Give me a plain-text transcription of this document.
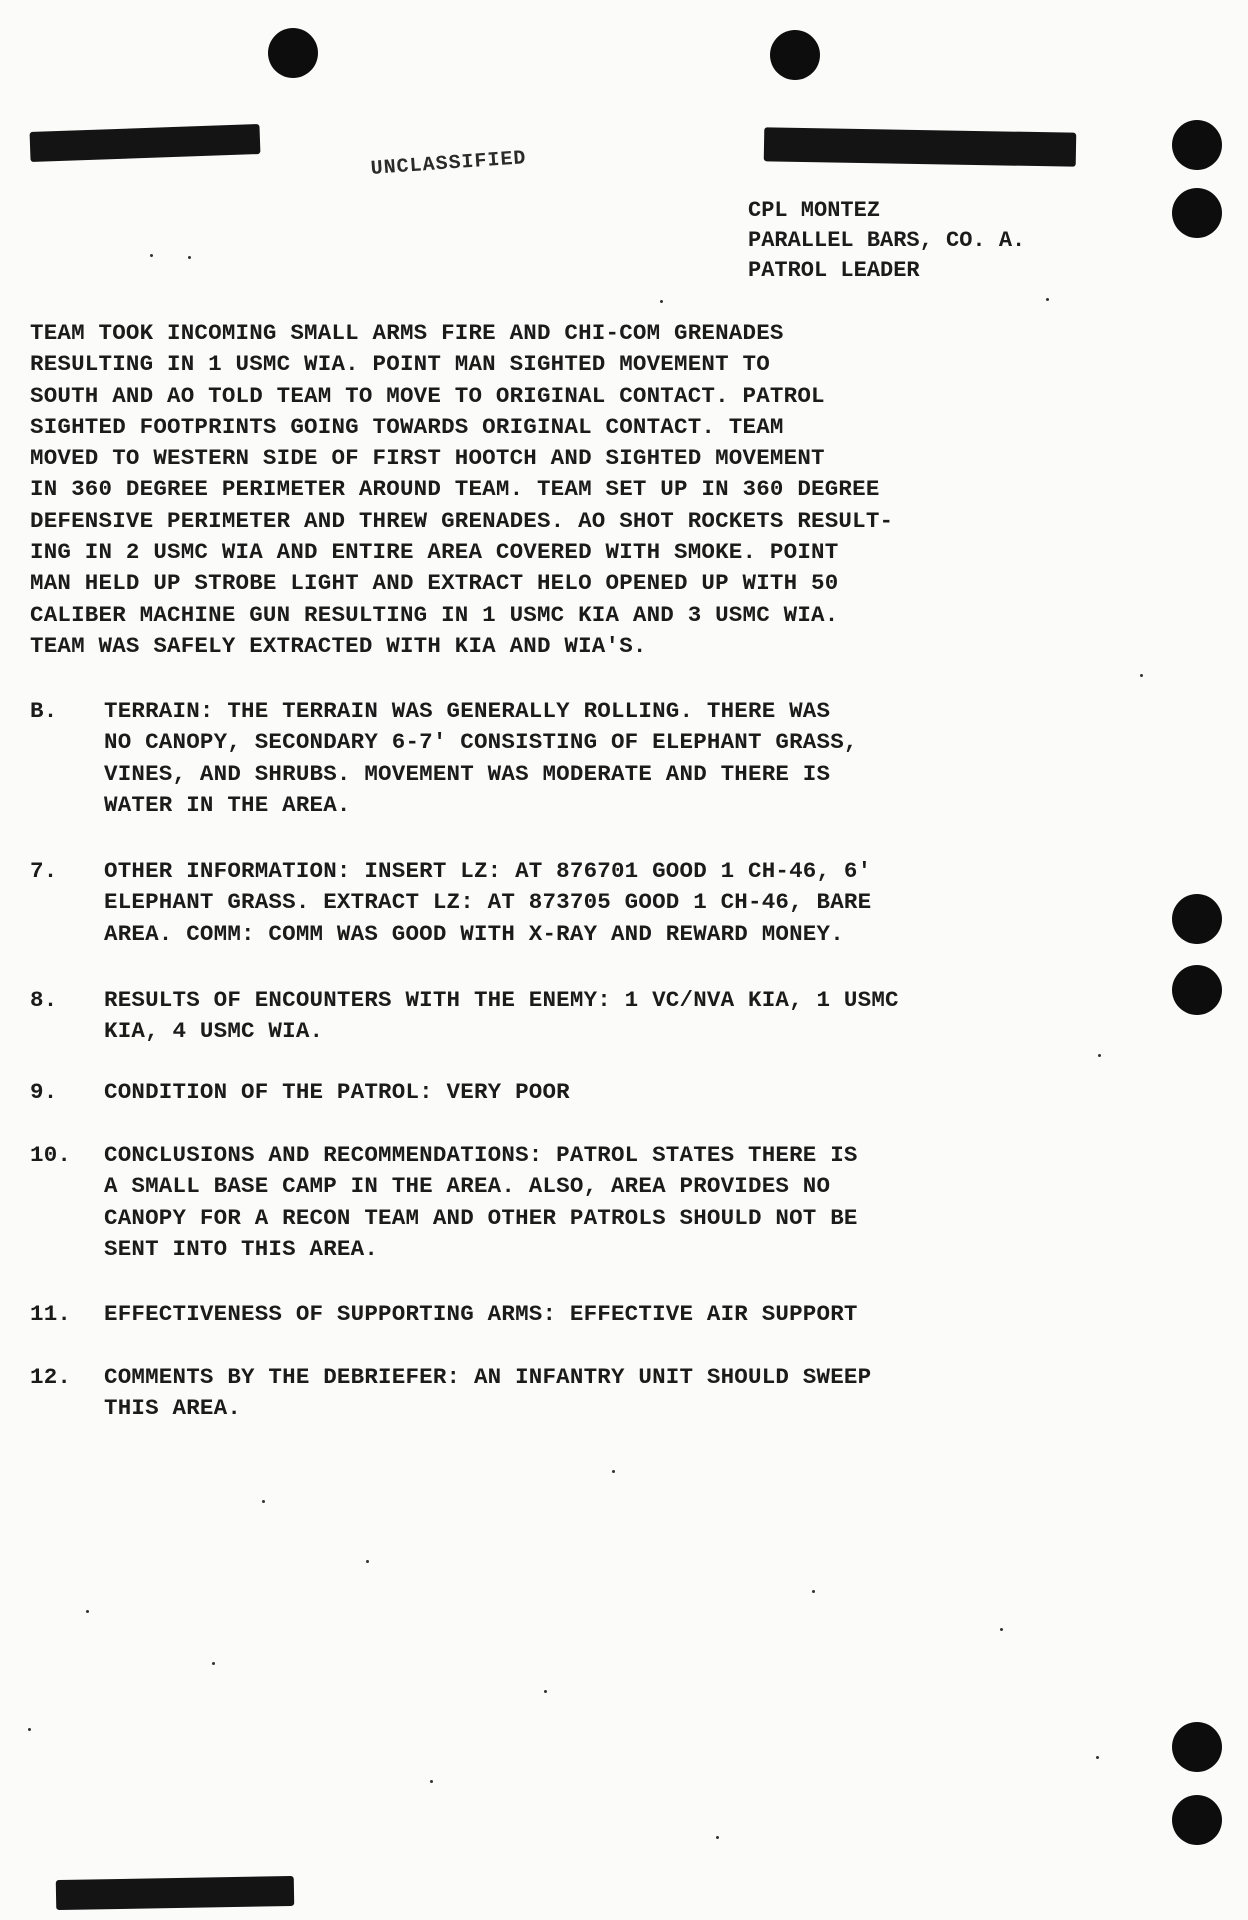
UNCLASSIFIED
CPL MONTEZ
PARALLEL BARS, CO. A.
PATROL LEADER
TEAM TOOK INCOMING SMALL ARMS FIRE AND CHI-COM GRENADES
RESULTING IN 1 USMC WIA. POINT MAN SIGHTED MOVEMENT TO
SOUTH AND AO TOLD TEAM TO MOVE TO ORIGINAL CONTACT. PATROL
SIGHTED FOOTPRINTS GOING TOWARDS ORIGINAL CONTACT. TEAM
MOVED TO WESTERN SIDE OF FIRST HOOTCH AND SIGHTED MOVEMENT
IN 360 DEGREE PERIMETER AROUND TEAM. TEAM SET UP IN 360 DEGREE
DEFENSIVE PERIMETER AND THREW GRENADES. AO SHOT ROCKETS RESULT-
ING IN 2 USMC WIA AND ENTIRE AREA COVERED WITH SMOKE. POINT
MAN HELD UP STROBE LIGHT AND EXTRACT HELO OPENED UP WITH 50
CALIBER MACHINE GUN RESULTING IN 1 USMC KIA AND 3 USMC WIA.
TEAM WAS SAFELY EXTRACTED WITH KIA AND WIA'S.
B. TERRAIN: THE TERRAIN WAS GENERALLY ROLLING. THERE WAS
NO CANOPY, SECONDARY 6-7' CONSISTING OF ELEPHANT GRASS,
VINES, AND SHRUBS. MOVEMENT WAS MODERATE AND THERE IS
WATER IN THE AREA.
7. OTHER INFORMATION: INSERT LZ: AT 876701 GOOD 1 CH-46, 6'
ELEPHANT GRASS. EXTRACT LZ: AT 873705 GOOD 1 CH-46, BARE
AREA. COMM: COMM WAS GOOD WITH X-RAY AND REWARD MONEY.
8. RESULTS OF ENCOUNTERS WITH THE ENEMY: 1 VC/NVA KIA, 1 USMC
KIA, 4 USMC WIA.
9. CONDITION OF THE PATROL: VERY POOR
10. CONCLUSIONS AND RECOMMENDATIONS: PATROL STATES THERE IS
A SMALL BASE CAMP IN THE AREA. ALSO, AREA PROVIDES NO
CANOPY FOR A RECON TEAM AND OTHER PATROLS SHOULD NOT BE
SENT INTO THIS AREA.
11. EFFECTIVENESS OF SUPPORTING ARMS: EFFECTIVE AIR SUPPORT
12. COMMENTS BY THE DEBRIEFER: AN INFANTRY UNIT SHOULD SWEEP
THIS AREA.
